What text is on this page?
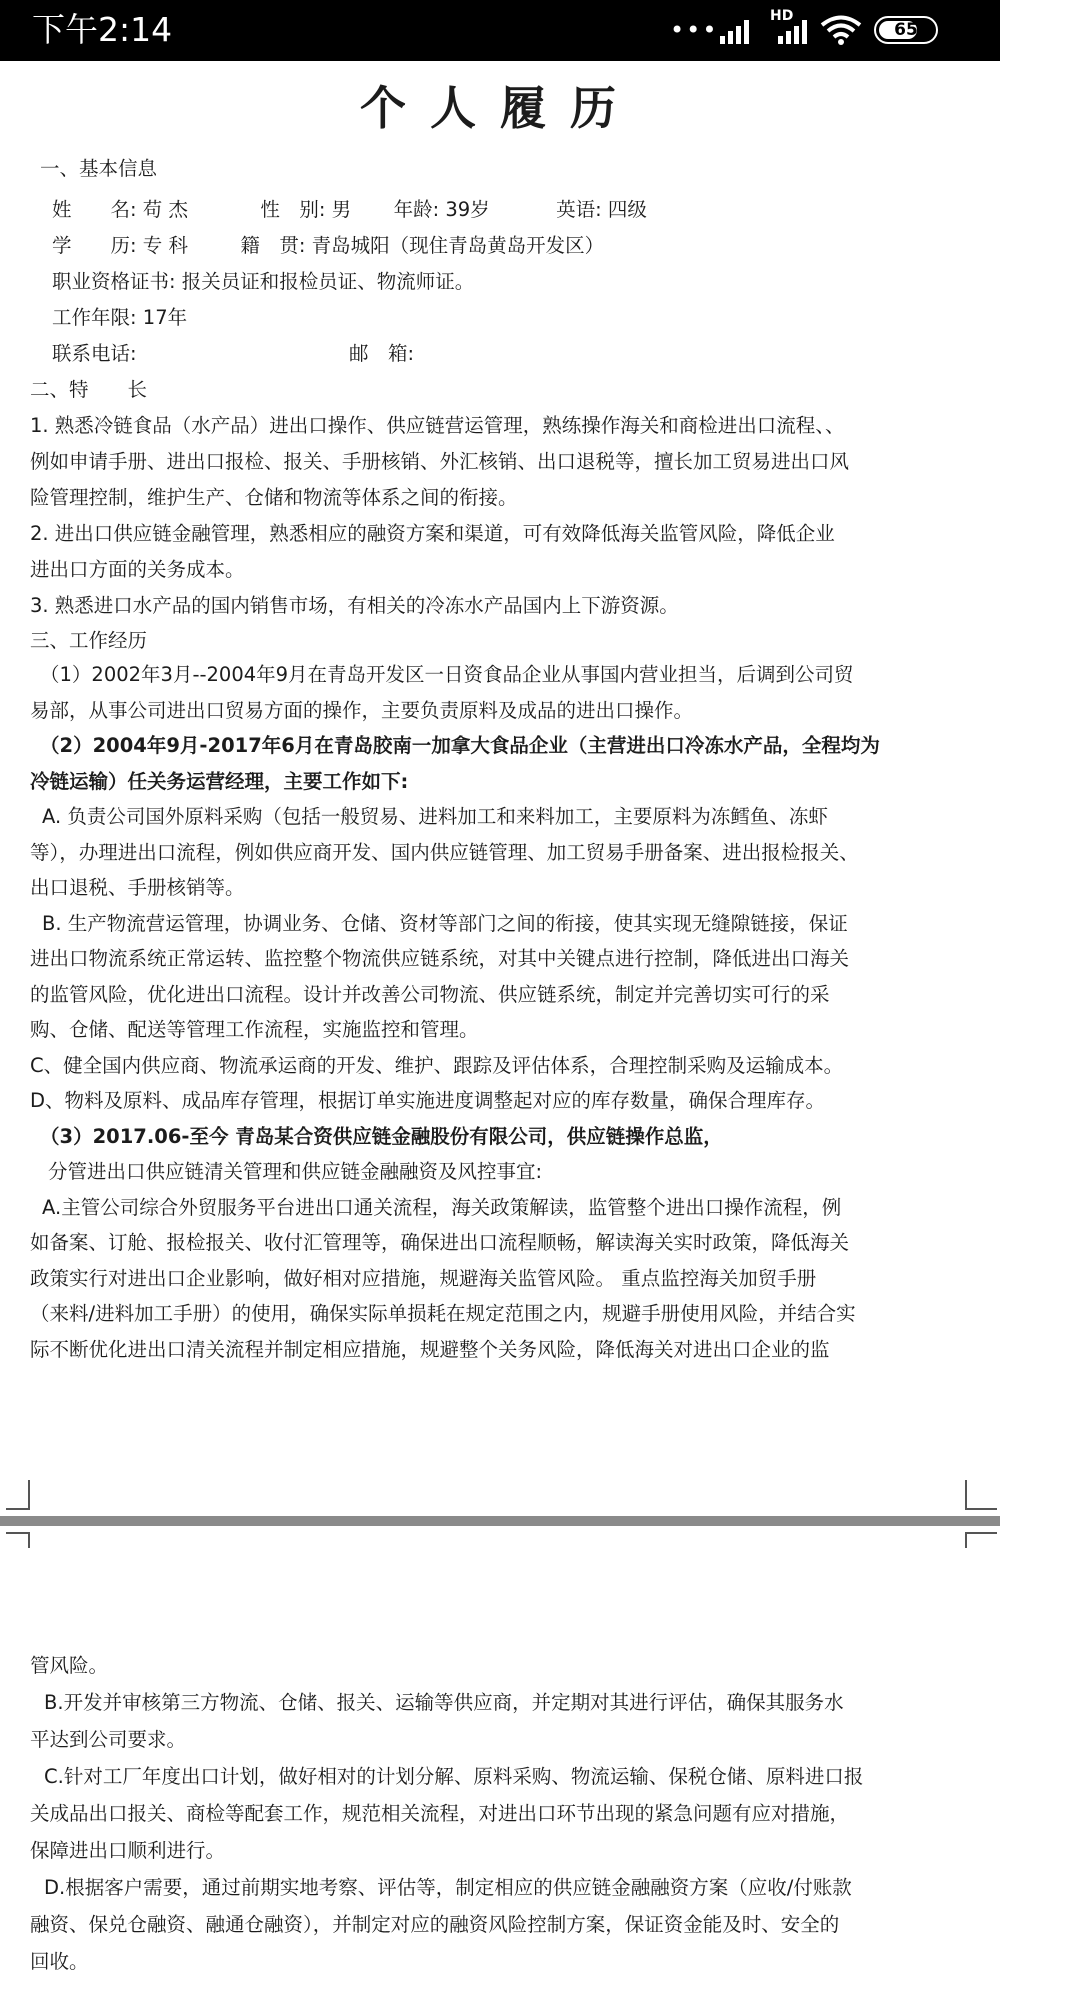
下午2:14	•••	HD
65
个人履历
一、基本信息
姓　　名: 苟 杰	性　别: 男 年龄: 39岁	英语: 四级
学　　历: 专 科	籍　贯: 青岛城阳（现住青岛黄岛开发区）
职业资格证书: 报关员证和报检员证、物流师证。
工作年限: 17年
联系电话:	邮　箱:
二、特　　长
1. 熟悉冷链食品（水产品）进出口操作、供应链营运管理，熟练操作海关和商检进出口流程、、
例如申请手册、进出口报检、报关、手册核销、外汇核销、出口退税等，擅长加工贸易进出口风
险管理控制，维护生产、仓储和物流等体系之间的衔接。
2. 进出口供应链金融管理，熟悉相应的融资方案和渠道，可有效降低海关监管风险，降低企业
进出口方面的关务成本。
3. 熟悉进口水产品的国内销售市场，有相关的冷冻水产品国内上下游资源。
三、工作经历
（1）2002年3月--2004年9月在青岛开发区一日资食品企业从事国内营业担当，后调到公司贸
易部，从事公司进出口贸易方面的操作，主要负责原料及成品的进出口操作。
（2）2004年9月-2017年6月在青岛胶南一加拿大食品企业（主营进出口冷冻水产品，全程均为
冷链运输）任关务运营经理，主要工作如下:
A. 负责公司国外原料采购（包括一般贸易、进料加工和来料加工，主要原料为冻鳕鱼、冻虾
等），办理进出口流程，例如供应商开发、国内供应链管理、加工贸易手册备案、进出报检报关、
出口退税、手册核销等。
B. 生产物流营运管理，协调业务、仓储、资材等部门之间的衔接，使其实现无缝隙链接，保证
进出口物流系统正常运转、监控整个物流供应链系统，对其中关键点进行控制，降低进出口海关
的监管风险，优化进出口流程。设计并改善公司物流、供应链系统，制定并完善切实可行的采
购、仓储、配送等管理工作流程，实施监控和管理。
C、健全国内供应商、物流承运商的开发、维护、跟踪及评估体系，合理控制采购及运输成本。
D、物料及原料、成品库存管理，根据订单实施进度调整起对应的库存数量，确保合理库存。
（3）2017.06-至今 青岛某合资供应链金融股份有限公司，供应链操作总监，
分管进出口供应链清关管理和供应链金融融资及风控事宜:
A.主管公司综合外贸服务平台进出口通关流程，海关政策解读，监管整个进出口操作流程，例
如备案、订舱、报检报关、收付汇管理等，确保进出口流程顺畅，解读海关实时政策，降低海关
政策实行对进出口企业影响，做好相对应措施，规避海关监管风险。 重点监控海关加贸手册
（来料/进料加工手册）的使用，确保实际单损耗在规定范围之内，规避手册使用风险，并结合实
际不断优化进出口清关流程并制定相应措施，规避整个关务风险，降低海关对进出口企业的监
管风险。
B.开发并审核第三方物流、仓储、报关、运输等供应商，并定期对其进行评估，确保其服务水
平达到公司要求。
C.针对工厂年度出口计划，做好相对的计划分解、原料采购、物流运输、保税仓储、原料进口报
关成品出口报关、商检等配套工作，规范相关流程，对进出口环节出现的紧急问题有应对措施，
保障进出口顺利进行。
D.根据客户需要，通过前期实地考察、评估等，制定相应的供应链金融融资方案（应收/付账款
融资、保兑仓融资、融通仓融资），并制定对应的融资风险控制方案，保证资金能及时、安全的
回收。
